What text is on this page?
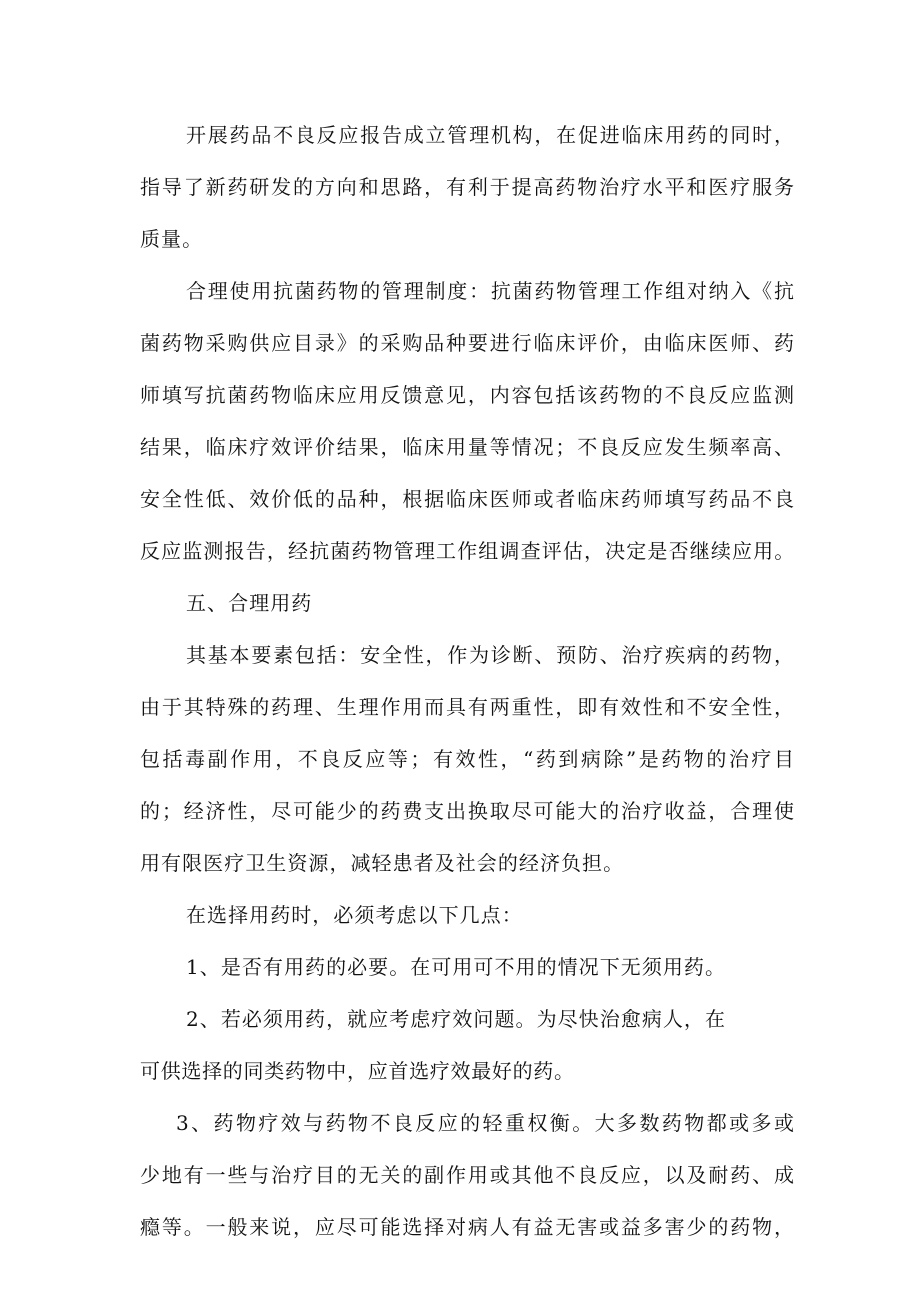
开展药品不良反应报告成立管理机构，在促进临床用药的同时，
指导了新药研发的方向和思路，有利于提高药物治疗水平和医疗服务
质量。
合理使用抗菌药物的管理制度：抗菌药物管理工作组对纳入《抗
菌药物采购供应目录》的采购品种要进行临床评价，由临床医师、药
师填写抗菌药物临床应用反馈意见，内容包括该药物的不良反应监测
结果，临床疗效评价结果，临床用量等情况；不良反应发生频率高、
安全性低、效价低的品种，根据临床医师或者临床药师填写药品不良
反应监测报告，经抗菌药物管理工作组调查评估，决定是否继续应用。
五、合理用药
其基本要素包括：安全性，作为诊断、预防、治疗疾病的药物，
由于其特殊的药理、生理作用而具有两重性，即有效性和不安全性，
包括毒副作用，不良反应等；有效性，“药到病除”是药物的治疗目
的；经济性，尽可能少的药费支出换取尽可能大的治疗收益，合理使
用有限医疗卫生资源，减轻患者及社会的经济负担。
在选择用药时，必须考虑以下几点：
1、是否有用药的必要。在可用可不用的情况下无须用药。
2、若必须用药，就应考虑疗效问题。为尽快治愈病人，在
可供选择的同类药物中，应首选疗效最好的药。
3、药物疗效与药物不良反应的轻重权衡。大多数药物都或多或
少地有一些与治疗目的无关的副作用或其他不良反应，以及耐药、成
瘾等。一般来说，应尽可能选择对病人有益无害或益多害少的药物，
